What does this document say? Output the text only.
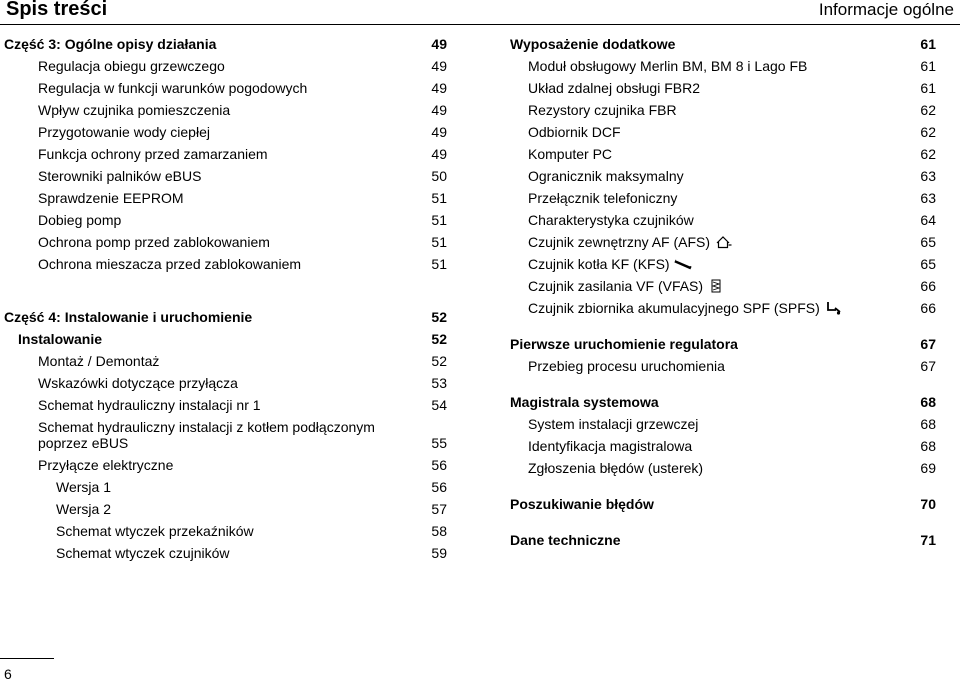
Spis treści	Informacje ogólne
Część 3: Ogólne opisy działania	49
Regulacja obiegu grzewczego	49
Regulacja w funkcji warunków pogodowych	49
Wpływ czujnika pomieszczenia	49
Przygotowanie wody ciepłej	49
Funkcja ochrony przed zamarzaniem	49
Sterowniki palników eBUS	50
Sprawdzenie EEPROM	51
Dobieg pomp	51
Ochrona pomp przed zablokowaniem	51
Ochrona mieszacza przed zablokowaniem	51
Część 4: Instalowanie i uruchomienie	52
Instalowanie	52
Montaż / Demontaż	52
Wskazówki dotyczące przyłącza	53
Schemat hydrauliczny instalacji nr 1	54
Schemat hydrauliczny instalacji z kotłem podłączonym poprzez eBUS	55
Przyłącze elektryczne	56
Wersja 1	56
Wersja 2	57
Schemat wtyczek przekaźników	58
Schemat wtyczek czujników	59
Wyposażenie dodatkowe	61
Moduł obsługowy Merlin BM, BM 8 i Lago FB	61
Układ zdalnej obsługi FBR2	61
Rezystory czujnika FBR	62
Odbiornik DCF	62
Komputer PC	62
Ogranicznik maksymalny	63
Przełącznik telefoniczny	63
Charakterystyka czujników	64
Czujnik zewnętrzny AF (AFS)	65
Czujnik kotła KF (KFS)	65
Czujnik zasilania VF (VFAS)	66
Czujnik zbiornika akumulacyjnego SPF (SPFS)	66
Pierwsze uruchomienie regulatora	67
Przebieg procesu uruchomienia	67
Magistrala systemowa	68
System instalacji grzewczej	68
Identyfikacja magistralowa	68
Zgłoszenia błędów (usterek)	69
Poszukiwanie błędów	70
Dane techniczne	71
6
